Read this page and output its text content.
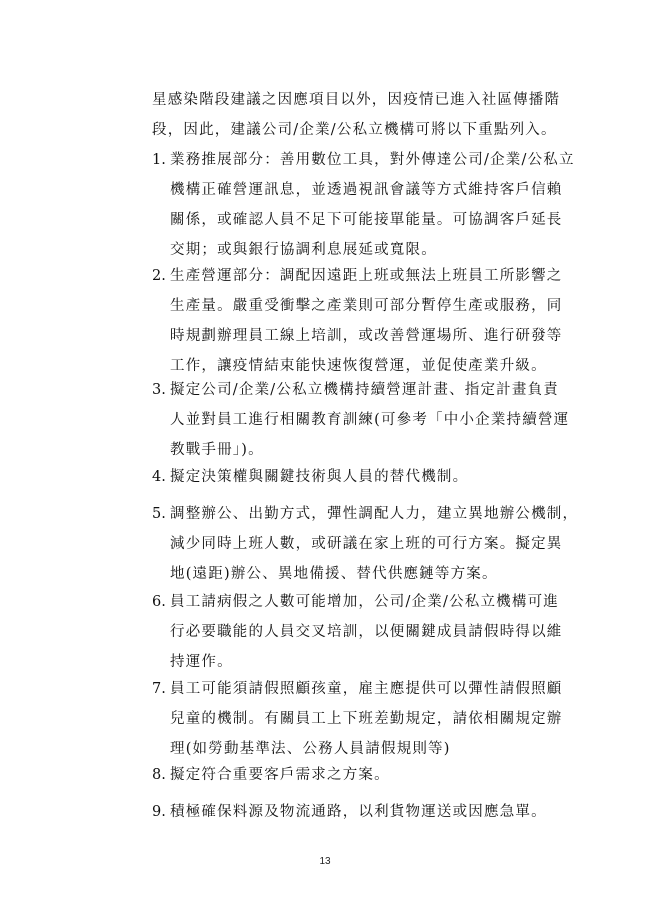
星感染階段建議之因應項目以外，因疫情已進入社區傳播階
段，因此，建議公司/企業/公私立機構可將以下重點列入。
1. 業務推展部分：善用數位工具，對外傳達公司/企業/公私立
機構正確營運訊息，並透過視訊會議等方式維持客戶信賴
關係，或確認人員不足下可能接單能量。可協調客戶延長
交期；或與銀行協調利息展延或寬限。
2. 生產營運部分：調配因遠距上班或無法上班員工所影響之
生產量。嚴重受衝擊之產業則可部分暫停生產或服務，同
時規劃辦理員工線上培訓，或改善營運場所、進行研發等
工作，讓疫情結束能快速恢復營運，並促使產業升級。
3. 擬定公司/企業/公私立機構持續營運計畫、指定計畫負責
人並對員工進行相關教育訓練(可參考「中小企業持續營運
教戰手冊」)。
4. 擬定決策權與關鍵技術與人員的替代機制。
5. 調整辦公、出勤方式，彈性調配人力，建立異地辦公機制，
減少同時上班人數，或研議在家上班的可行方案。擬定異
地(遠距)辦公、異地備援、替代供應鏈等方案。
6. 員工請病假之人數可能增加，公司/企業/公私立機構可進
行必要職能的人員交叉培訓，以便關鍵成員請假時得以維
持運作。
7. 員工可能須請假照顧孩童，雇主應提供可以彈性請假照顧
兒童的機制。有關員工上下班差勤規定，請依相關規定辦
理(如勞動基準法、公務人員請假規則等)
8. 擬定符合重要客戶需求之方案。
9. 積極確保料源及物流通路，以利貨物運送或因應急單。
13
